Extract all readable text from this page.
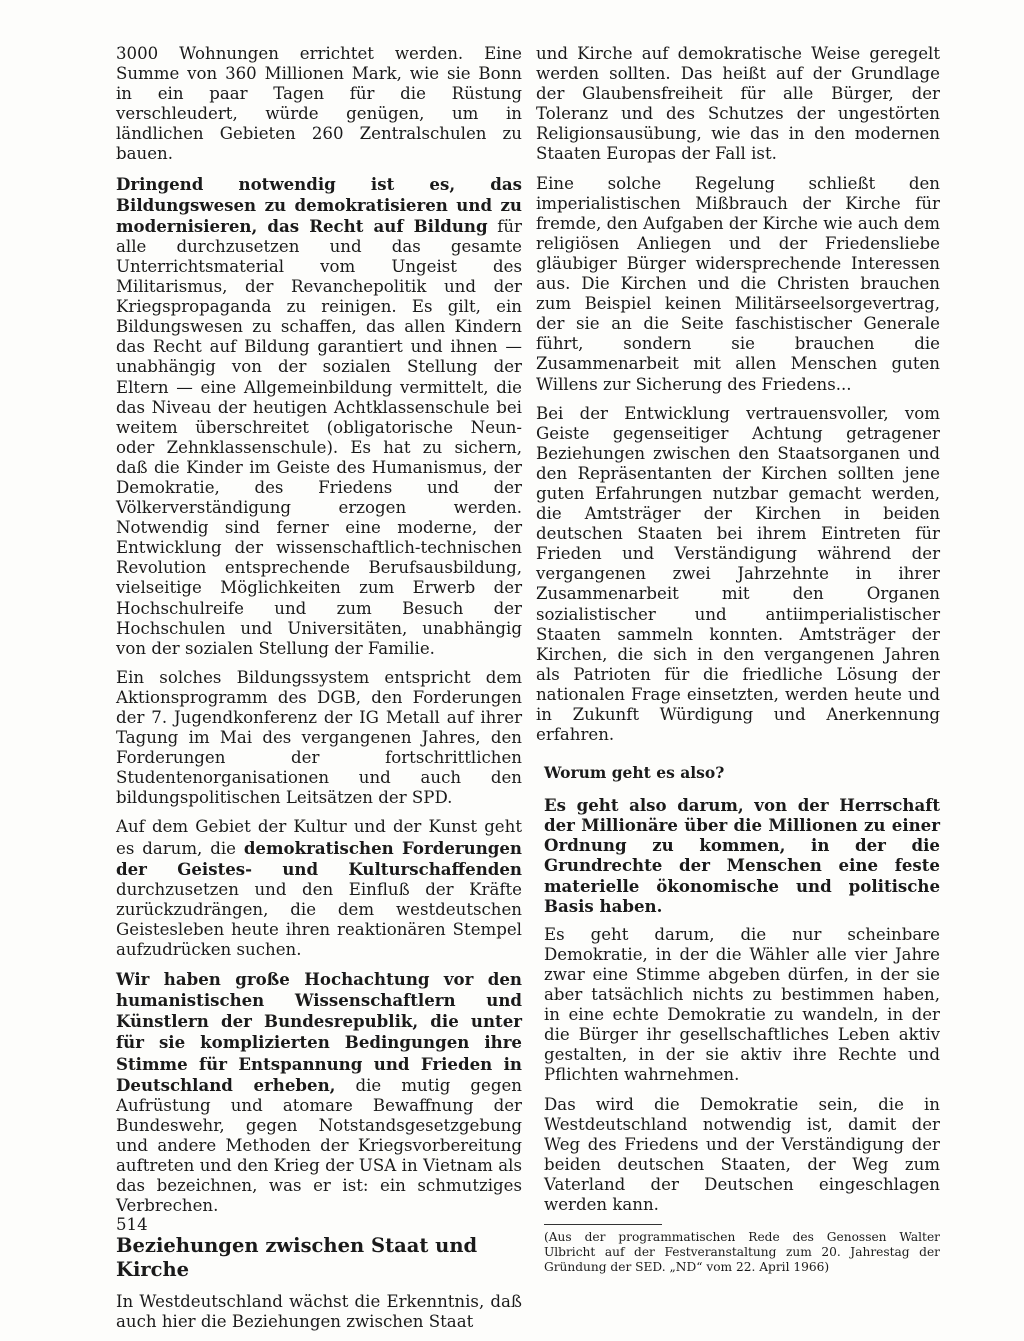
3000 Wohnungen errichtet werden. Eine Summe von 360 Millionen Mark, wie sie Bonn in ein paar Tagen für die Rüstung verschleudert, würde genügen, um in ländlichen Gebieten 260 Zentralschulen zu bauen.

Dringend notwendig ist es, das Bildungswesen zu demokratisieren und zu modernisieren, das Recht auf Bildung für alle durchzusetzen und das gesamte Unterrichtsmaterial vom Ungeist des Militarismus, der Revanchepolitik und der Kriegspropaganda zu reinigen. Es gilt, ein Bildungswesen zu schaffen, das allen Kindern das Recht auf Bildung garantiert und ihnen — unabhängig von der sozialen Stellung der Eltern — eine Allgemeinbildung vermittelt, die das Niveau der heutigen Achtklassenschule bei weitem überschreitet (obligatorische Neun- oder Zehnklassenschule). Es hat zu sichern, daß die Kinder im Geiste des Humanismus, der Demokratie, des Friedens und der Völkerverständigung erzogen werden. Notwendig sind ferner eine moderne, der Entwicklung der wissenschaftlich-technischen Revolution entsprechende Berufsausbildung, vielseitige Möglichkeiten zum Erwerb der Hochschulreife und zum Besuch der Hochschulen und Universitäten, unabhängig von der sozialen Stellung der Familie.

Ein solches Bildungssystem entspricht dem Aktionsprogramm des DGB, den Forderungen der 7. Jugendkonferenz der IG Metall auf ihrer Tagung im Mai des vergangenen Jahres, den Forderungen der fortschrittlichen Studentenorganisationen und auch den bildungspolitischen Leitsätzen der SPD.

Auf dem Gebiet der Kultur und der Kunst geht es darum, die demokratischen Forderungen der Geistes- und Kulturschaffenden durchzusetzen und den Einfluß der Kräfte zurückzudrängen, die dem westdeutschen Geistesleben heute ihren reaktionären Stempel aufzudrücken suchen.

Wir haben große Hochachtung vor den humanistischen Wissenschaftlern und Künstlern der Bundesrepublik, die unter für sie komplizierten Bedingungen ihre Stimme für Entspannung und Frieden in Deutschland erheben, die mutig gegen Aufrüstung und atomare Bewaffnung der Bundeswehr, gegen Notstandsgesetzgebung und andere Methoden der Kriegsvorbereitung auftreten und den Krieg der USA in Vietnam als das bezeichnen, was er ist: ein schmutziges Verbrechen.

Beziehungen zwischen Staat und Kirche

In Westdeutschland wächst die Erkenntnis, daß auch hier die Beziehungen zwischen Staat

und Kirche auf demokratische Weise geregelt werden sollten. Das heißt auf der Grundlage der Glaubensfreiheit für alle Bürger, der Toleranz und des Schutzes der ungestörten Religionsausübung, wie das in den modernen Staaten Europas der Fall ist.

Eine solche Regelung schließt den imperialistischen Mißbrauch der Kirche für fremde, den Aufgaben der Kirche wie auch dem religiösen Anliegen und der Friedensliebe gläubiger Bürger widersprechende Interessen aus. Die Kirchen und die Christen brauchen zum Beispiel keinen Militärseelsorgevertrag, der sie an die Seite faschistischer Generale führt, sondern sie brauchen die Zusammenarbeit mit allen Menschen guten Willens zur Sicherung des Friedens...

Bei der Entwicklung vertrauensvoller, vom Geiste gegenseitiger Achtung getragener Beziehungen zwischen den Staatsorganen und den Repräsentanten der Kirchen sollten jene guten Erfahrungen nutzbar gemacht werden, die Amtsträger der Kirchen in beiden deutschen Staaten bei ihrem Eintreten für Frieden und Verständigung während der vergangenen zwei Jahrzehnte in ihrer Zusammenarbeit mit den Organen sozialistischer und antiimperialistischer Staaten sammeln konnten. Amtsträger der Kirchen, die sich in den vergangenen Jahren als Patrioten für die friedliche Lösung der nationalen Frage einsetzten, werden heute und in Zukunft Würdigung und Anerkennung erfahren.

Worum geht es also?

Es geht also darum, von der Herrschaft der Millionäre über die Millionen zu einer Ordnung zu kommen, in der die Grundrechte der Menschen eine feste materielle ökonomische und politische Basis haben.

Es geht darum, die nur scheinbare Demokratie, in der die Wähler alle vier Jahre zwar eine Stimme abgeben dürfen, in der sie aber tatsächlich nichts zu bestimmen haben, in eine echte Demokratie zu wandeln, in der die Bürger ihr gesellschaftliches Leben aktiv gestalten, in der sie aktiv ihre Rechte und Pflichten wahrnehmen.

Das wird die Demokratie sein, die in Westdeutschland notwendig ist, damit der Weg des Friedens und der Verständigung der beiden deutschen Staaten, der Weg zum Vaterland der Deutschen eingeschlagen werden kann.

(Aus der programmatischen Rede des Genossen Walter Ulbricht auf der Festveranstaltung zum 20. Jahrestag der Gründung der SED. „ND“ vom 22. April 1966)

514
